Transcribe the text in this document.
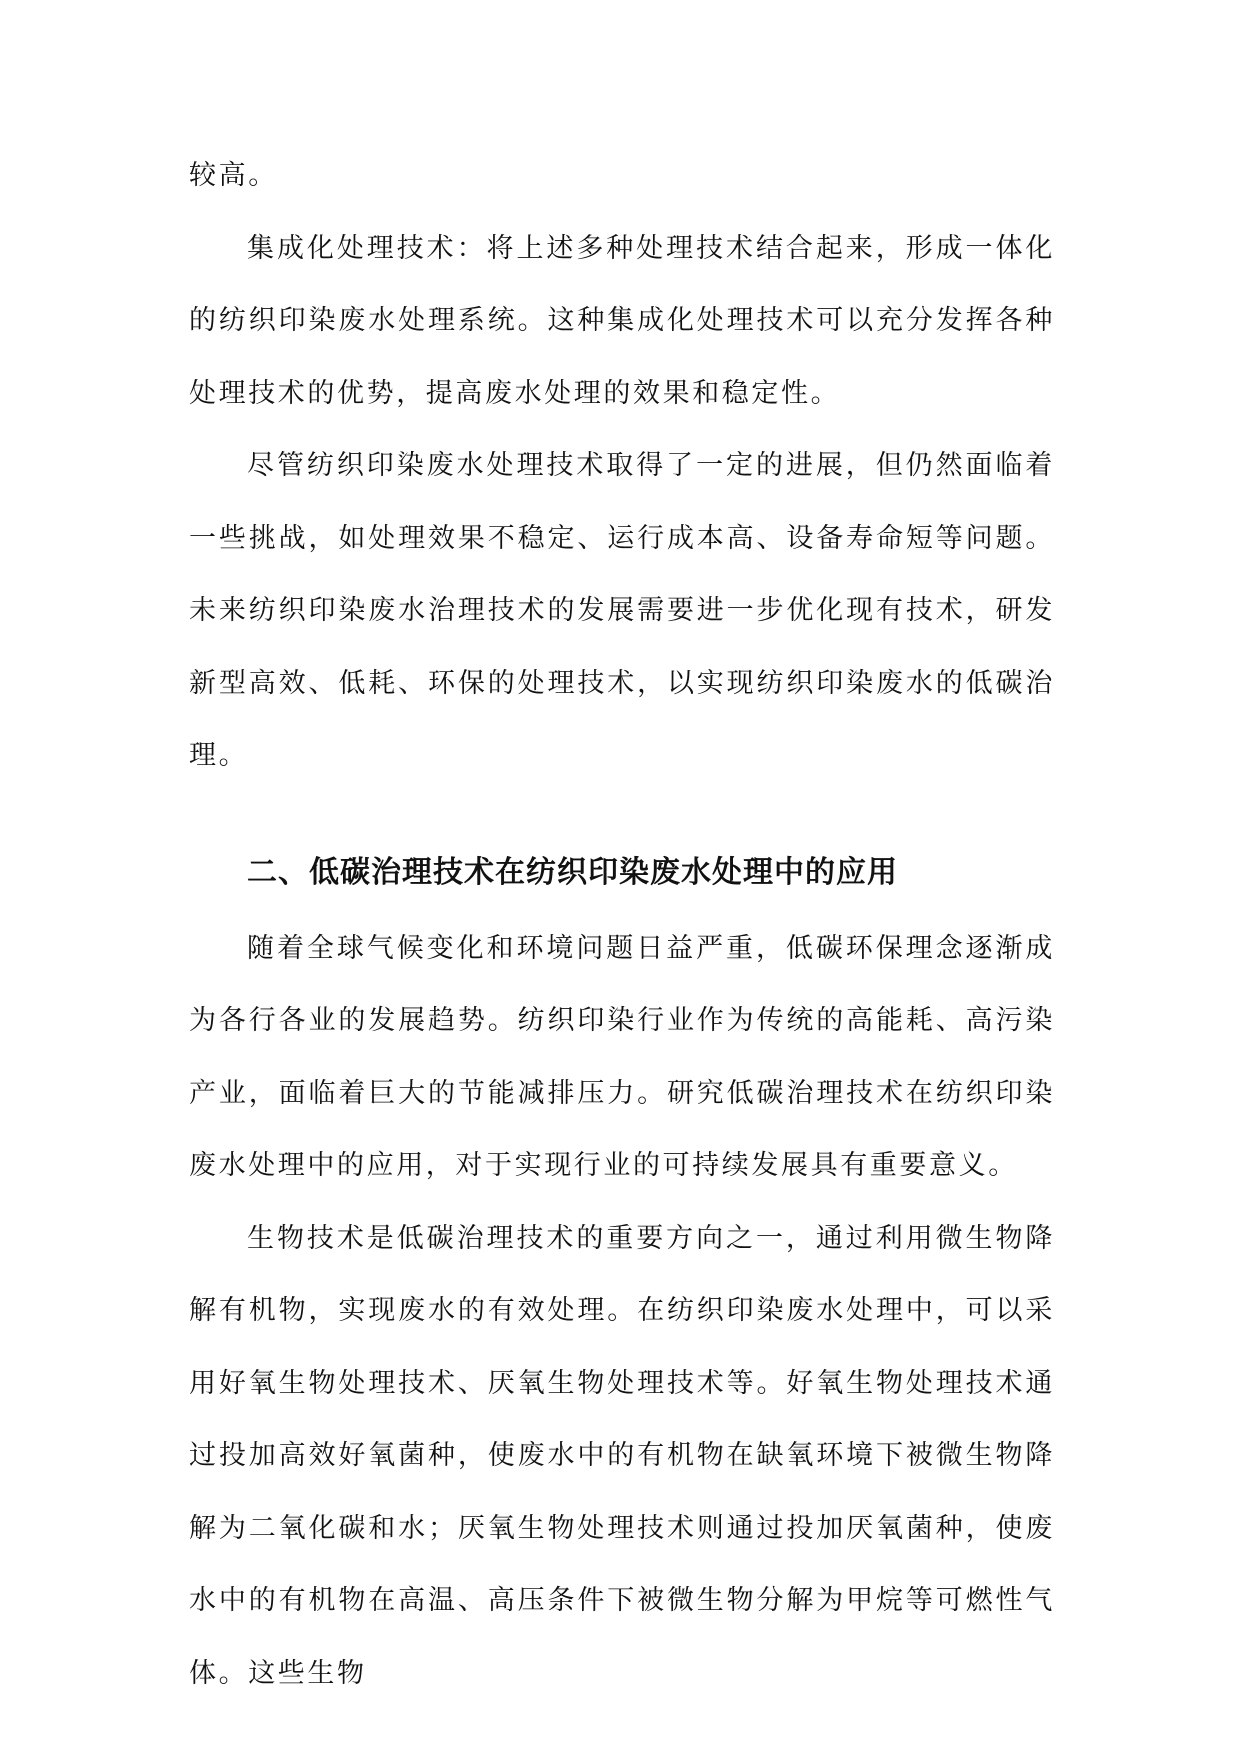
较高。

集成化处理技术：将上述多种处理技术结合起来，形成一体化的纺织印染废水处理系统。这种集成化处理技术可以充分发挥各种处理技术的优势，提高废水处理的效果和稳定性。

尽管纺织印染废水处理技术取得了一定的进展，但仍然面临着一些挑战，如处理效果不稳定、运行成本高、设备寿命短等问题。未来纺织印染废水治理技术的发展需要进一步优化现有技术，研发新型高效、低耗、环保的处理技术，以实现纺织印染废水的低碳治理。

二、低碳治理技术在纺织印染废水处理中的应用

随着全球气候变化和环境问题日益严重，低碳环保理念逐渐成为各行各业的发展趋势。纺织印染行业作为传统的高能耗、高污染产业，面临着巨大的节能减排压力。研究低碳治理技术在纺织印染废水处理中的应用，对于实现行业的可持续发展具有重要意义。

生物技术是低碳治理技术的重要方向之一，通过利用微生物降解有机物，实现废水的有效处理。在纺织印染废水处理中，可以采用好氧生物处理技术、厌氧生物处理技术等。好氧生物处理技术通过投加高效好氧菌种，使废水中的有机物在缺氧环境下被微生物降解为二氧化碳和水；厌氧生物处理技术则通过投加厌氧菌种，使废水中的有机物在高温、高压条件下被微生物分解为甲烷等可燃性气体。这些生物
